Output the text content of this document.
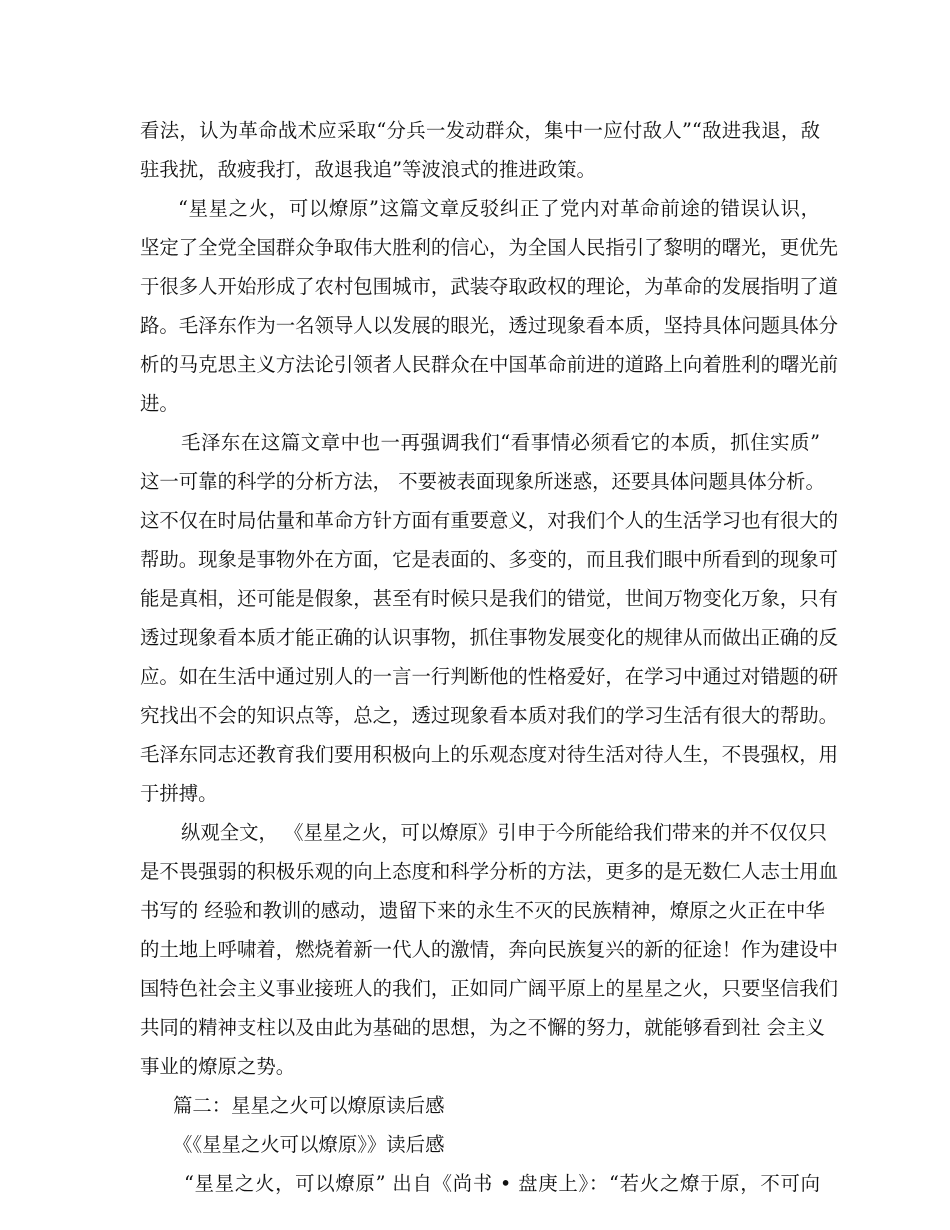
看法，认为革命战术应采取“分兵一发动群众，集中一应付敌人”“敌进我退，敌
驻我扰，敌疲我打，敌退我追”等波浪式的推进政策。
“星星之火，可以燎原”这篇文章反驳纠正了党内对革命前途的错误认识，
坚定了全党全国群众争取伟大胜利的信心，为全国人民指引了黎明的曙光，更优先
于很多人开始形成了农村包围城市，武装夺取政权的理论，为革命的发展指明了道
路。毛泽东作为一名领导人以发展的眼光，透过现象看本质，坚持具体问题具体分
析的马克思主义方法论引领者人民群众在中国革命前进的道路上向着胜利的曙光前
进。
毛泽东在这篇文章中也一再强调我们“看事情必须看它的本质，抓住实质”
这一可靠的科学的分析方法， 不要被表面现象所迷惑，还要具体问题具体分析。
这不仅在时局估量和革命方针方面有重要意义，对我们个人的生活学习也有很大的
帮助。现象是事物外在方面，它是表面的、多变的，而且我们眼中所看到的现象可
能是真相，还可能是假象，甚至有时候只是我们的错觉，世间万物变化万象，只有
透过现象看本质才能正确的认识事物，抓住事物发展变化的规律从而做出正确的反
应。如在生活中通过别人的一言一行判断他的性格爱好，在学习中通过对错题的研
究找出不会的知识点等，总之，透过现象看本质对我们的学习生活有很大的帮助。
毛泽东同志还教育我们要用积极向上的乐观态度对待生活对待人生，不畏强权，用
于拼搏。
纵观全文， 《星星之火，可以燎原》引申于今所能给我们带来的并不仅仅只
是不畏强弱的积极乐观的向上态度和科学分析的方法，更多的是无数仁人志士用血
书写的 经验和教训的感动，遗留下来的永生不灭的民族精神，燎原之火正在中华
的土地上呼啸着，燃烧着新一代人的激情，奔向民族复兴的新的征途！作为建设中
国特色社会主义事业接班人的我们，正如同广阔平原上的星星之火，只要坚信我们
共同的精神支柱以及由此为基础的思想，为之不懈的努力，就能够看到社 会主义
事业的燎原之势。
篇二：星星之火可以燎原读后感
《《星星之火可以燎原》》读后感
“星星之火，可以燎原” 出自《尚书 • 盘庚上》：“若火之燎于原，不可向
